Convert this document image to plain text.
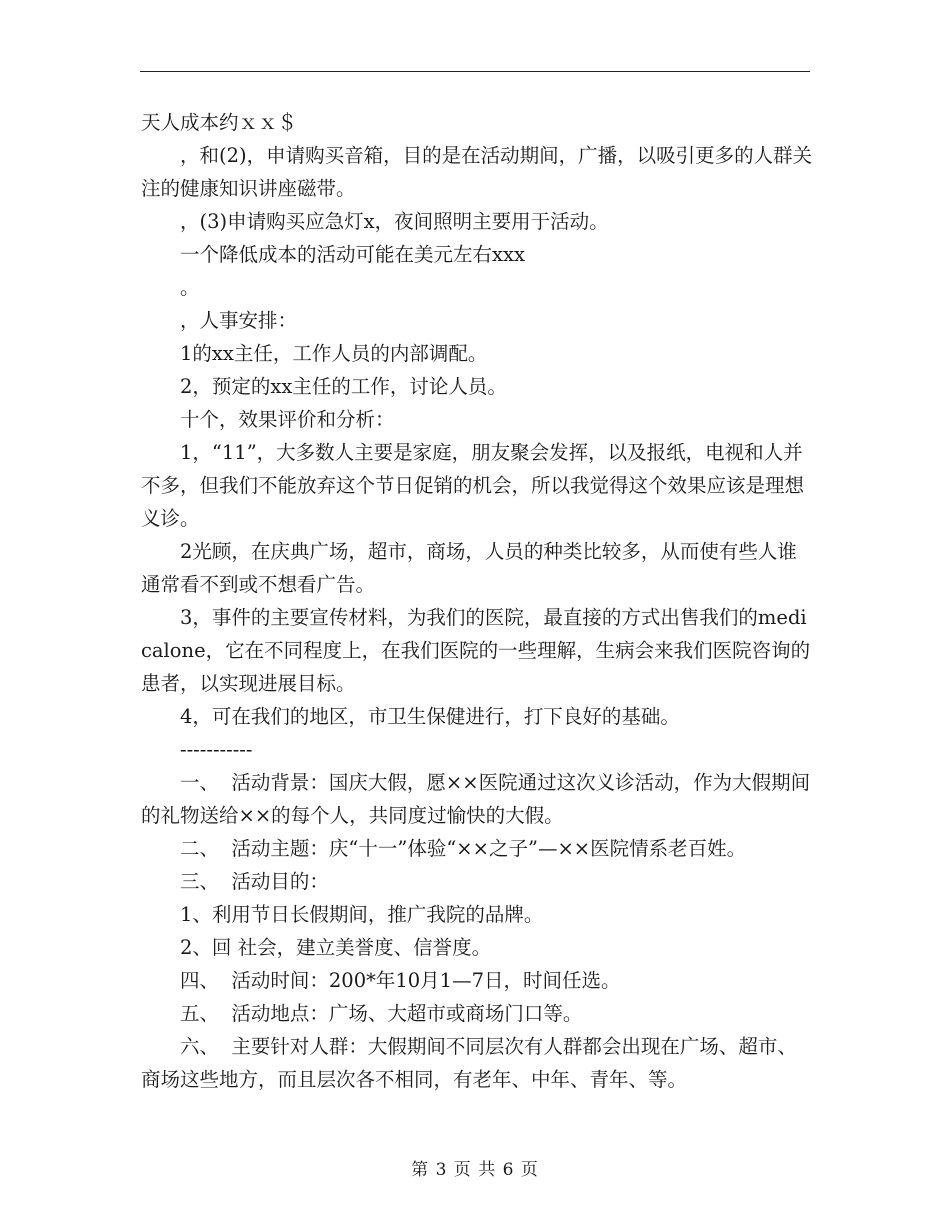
天人成本约ｘｘ＄

，和(2)，申请购买音箱，目的是在活动期间，广播，以吸引更多的人群关注的健康知识讲座磁带。

，(3)申请购买应急灯x，夜间照明主要用于活动。

一个降低成本的活动可能在美元左右xxx

。

，人事安排：

1的xx主任，工作人员的内部调配。

2，预定的xx主任的工作，讨论人员。

十个，效果评价和分析：

1，“11”，大多数人主要是家庭，朋友聚会发挥，以及报纸，电视和人并不多，但我们不能放弃这个节日促销的机会，所以我觉得这个效果应该是理想义诊。

2光顾，在庆典广场，超市，商场，人员的种类比较多，从而使有些人谁通常看不到或不想看广告。

3，事件的主要宣传材料，为我们的医院，最直接的方式出售我们的medicalone，它在不同程度上，在我们医院的一些理解，生病会来我们医院咨询的患者，以实现进展目标。

4，可在我们的地区，市卫生保健进行，打下良好的基础。

-----------

一、  活动背景：国庆大假，愿××医院通过这次义诊活动，作为大假期间的礼物送给××的每个人，共同度过愉快的大假。

二、  活动主题：庆“十一”体验“××之子”—××医院情系老百姓。

三、  活动目的：

1、利用节日长假期间，推广我院的品牌。

2、回 社会，建立美誉度、信誉度。

四、  活动时间：200*年10月1—7日，时间任选。

五、  活动地点：广场、大超市或商场门口等。

六、  主要针对人群：大假期间不同层次有人群都会出现在广场、超市、商场这些地方，而且层次各不相同，有老年、中年、青年、等。

第 3 页 共 6 页
